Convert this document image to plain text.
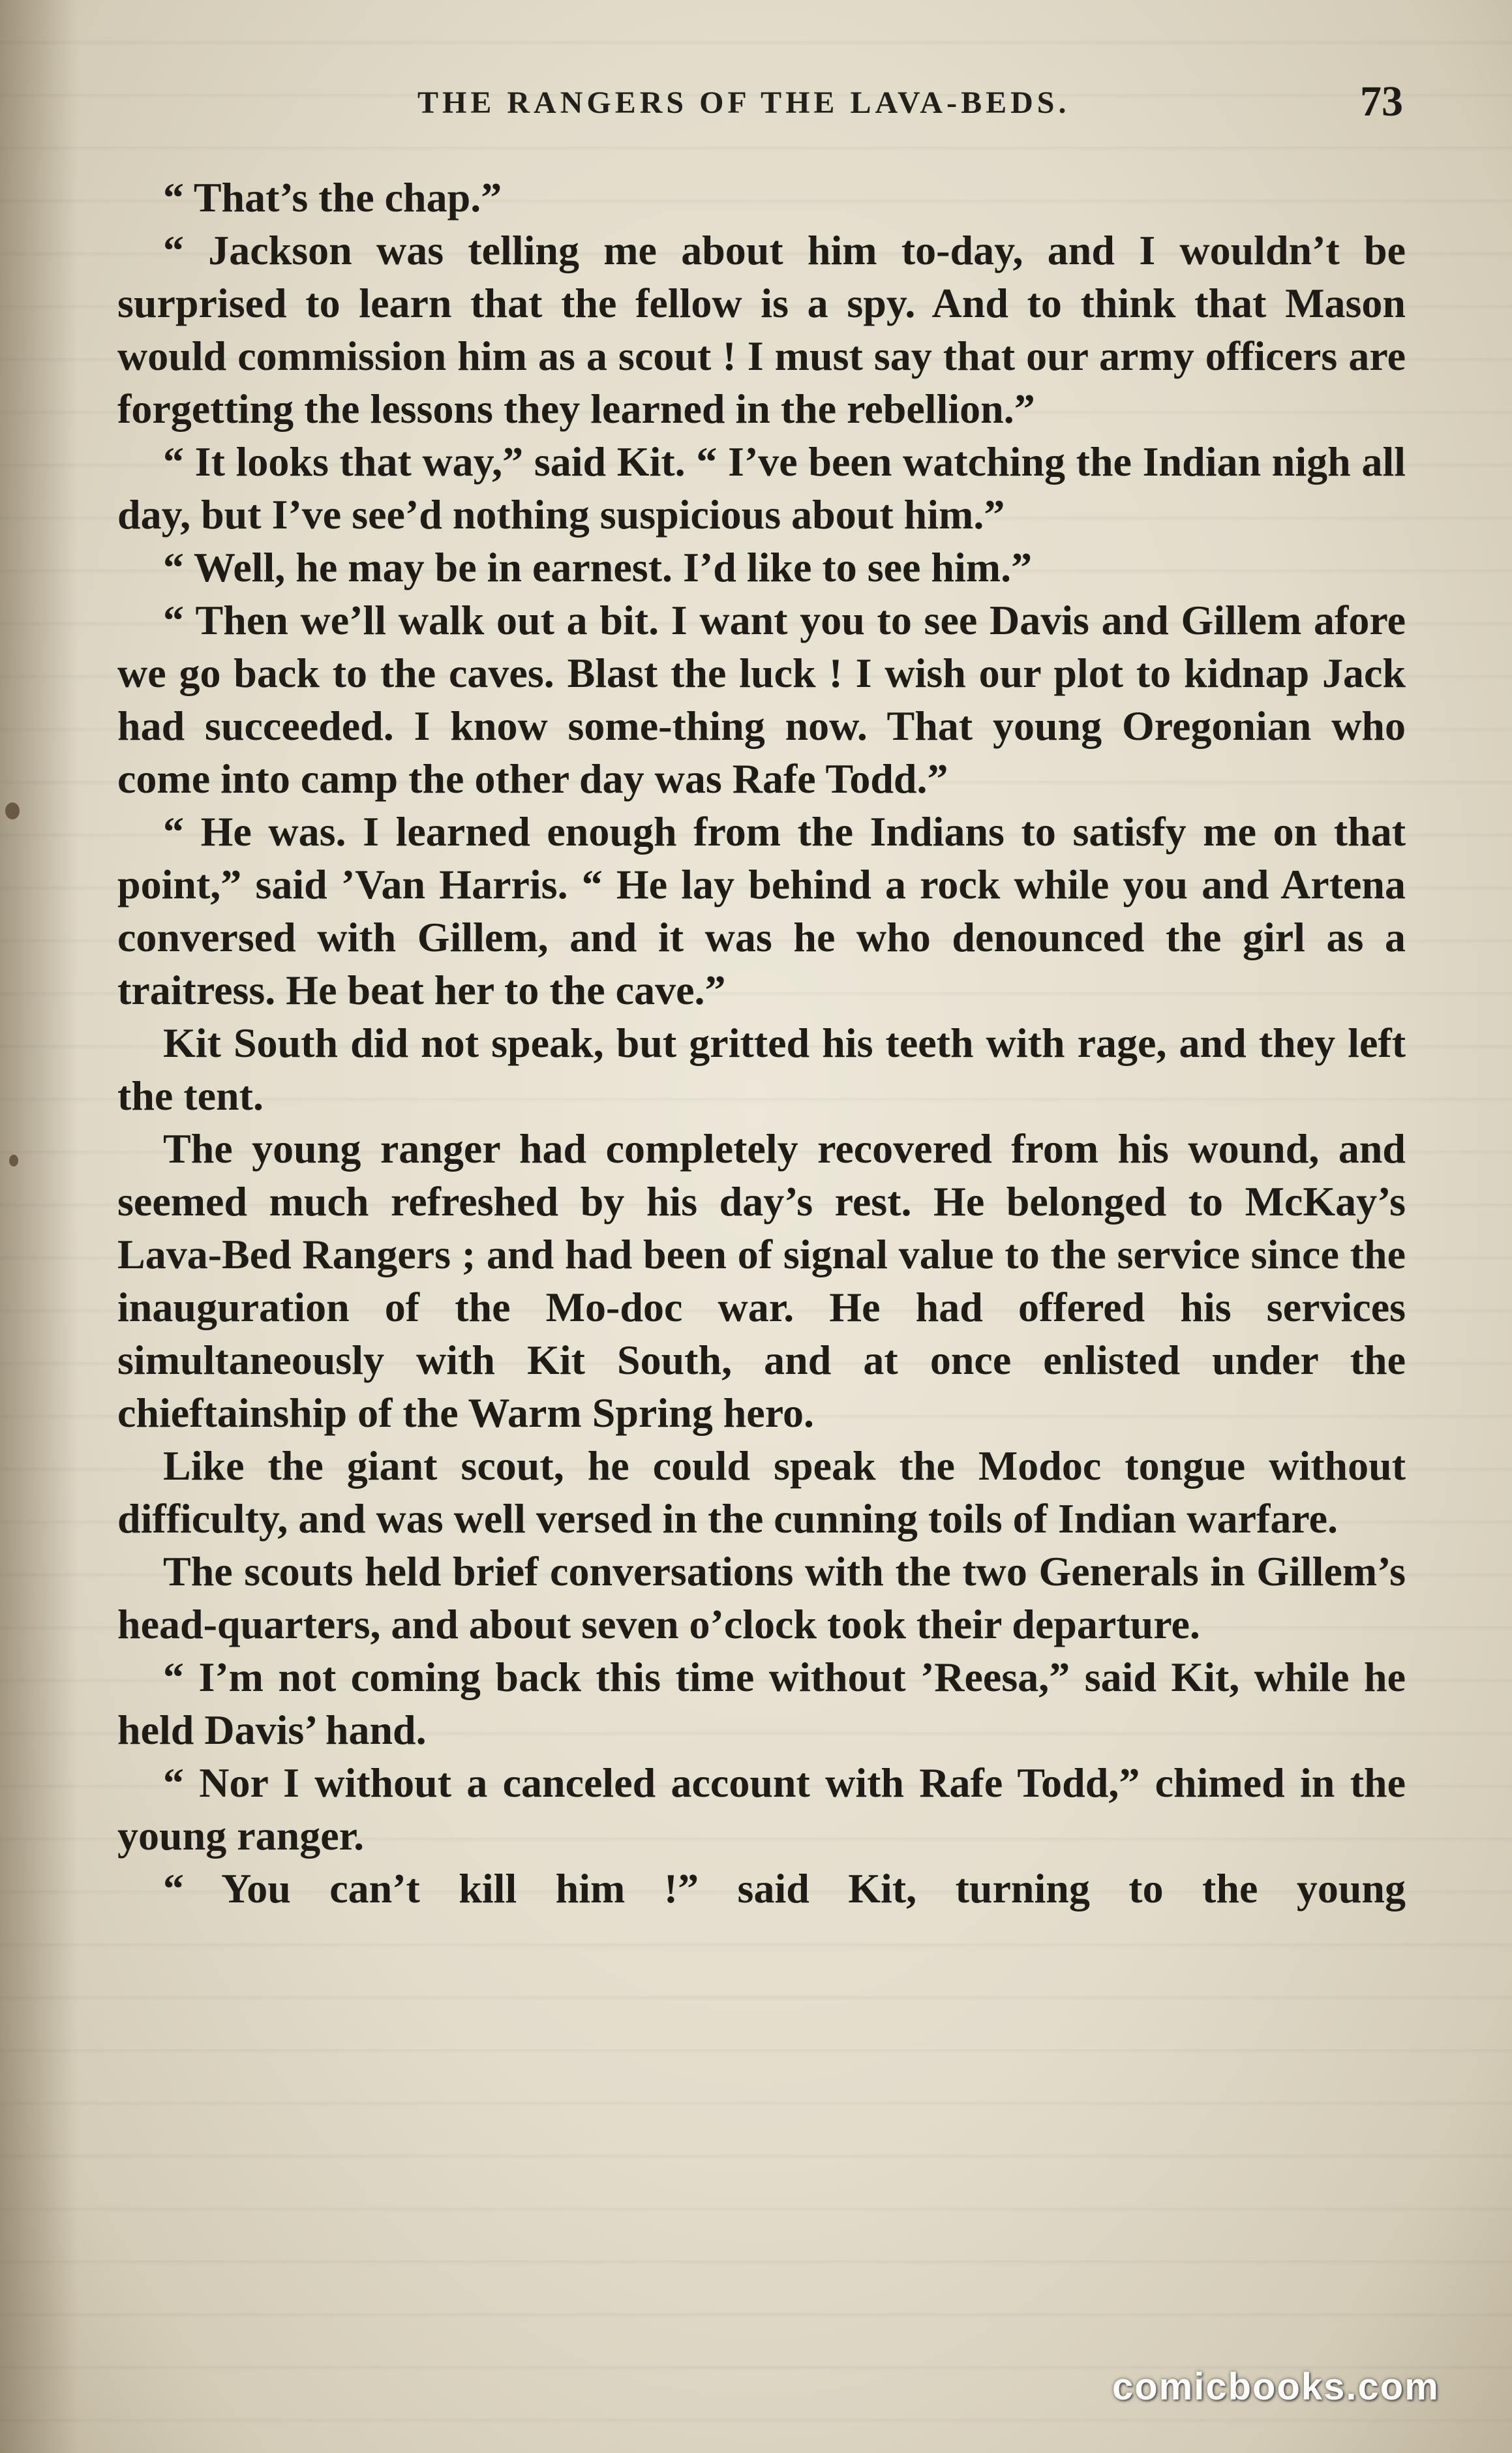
THE RANGERS OF THE LAVA-BEDS.	73

“ That’s the chap.”

“ Jackson was telling me about him to-day, and I wouldn’t be surprised to learn that the fellow is a spy. And to think that Mason would commission him as a scout ! I must say that our army officers are forgetting the lessons they learned in the rebellion.”

“ It looks that way,” said Kit. “ I’ve been watching the Indian nigh all day, but I’ve see’d nothing suspicious about him.”

“ Well, he may be in earnest. I’d like to see him.”

“ Then we’ll walk out a bit. I want you to see Davis and Gillem afore we go back to the caves. Blast the luck ! I wish our plot to kidnap Jack had succeeded. I know some-thing now. That young Oregonian who come into camp the other day was Rafe Todd.”

“ He was. I learned enough from the Indians to satisfy me on that point,” said ’Van Harris. “ He lay behind a rock while you and Artena conversed with Gillem, and it was he who denounced the girl as a traitress. He beat her to the cave.”

Kit South did not speak, but gritted his teeth with rage, and they left the tent.

The young ranger had completely recovered from his wound, and seemed much refreshed by his day’s rest. He belonged to McKay’s Lava-Bed Rangers ; and had been of signal value to the service since the inauguration of the Mo-doc war. He had offered his services simultaneously with Kit South, and at once enlisted under the chieftainship of the Warm Spring hero.

Like the giant scout, he could speak the Modoc tongue without difficulty, and was well versed in the cunning toils of Indian warfare.

The scouts held brief conversations with the two Generals in Gillem’s head-quarters, and about seven o’clock took their departure.

“ I’m not coming back this time without ’Reesa,” said Kit, while he held Davis’ hand.

“ Nor I without a canceled account with Rafe Todd,” chimed in the young ranger.

“ You can’t kill him !” said Kit, turning to the young

comicbooks.com
